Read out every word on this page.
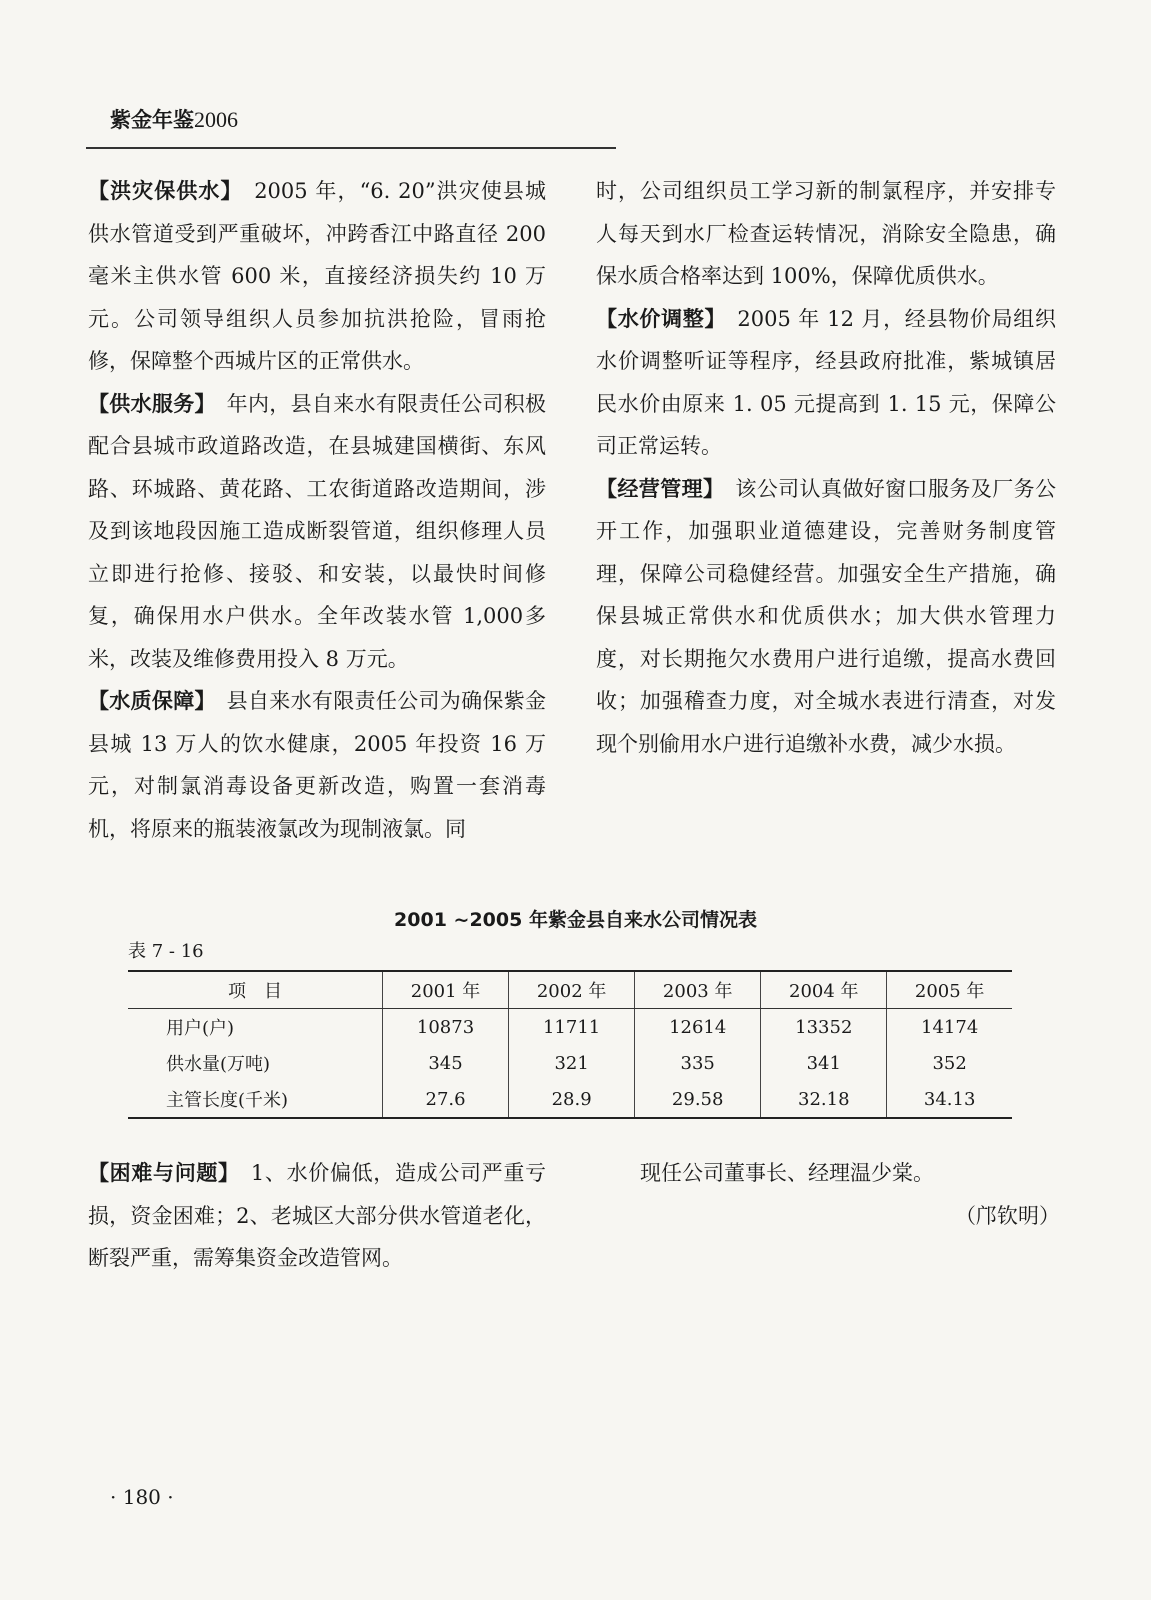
紫金年鉴2006

【洪灾保供水】　2005 年，“6. 20”洪灾使县城供水管道受到严重破坏，冲跨香江中路直径 200 毫米主供水管 600 米，直接经济损失约 10 万元。公司领导组织人员参加抗洪抢险，冒雨抢修，保障整个西城片区的正常供水。

【供水服务】　年内，县自来水有限责任公司积极配合县城市政道路改造，在县城建国横街、东风路、环城路、黄花路、工农街道路改造期间，涉及到该地段因施工造成断裂管道，组织修理人员立即进行抢修、接驳、和安装，以最快时间修复，确保用水户供水。全年改装水管 1,000多米，改装及维修费用投入 8 万元。

【水质保障】　县自来水有限责任公司为确保紫金县城 13 万人的饮水健康，2005 年投资 16 万元，对制氯消毒设备更新改造，购置一套消毒机，将原来的瓶装液氯改为现制液氯。同

时，公司组织员工学习新的制氯程序，并安排专人每天到水厂检查运转情况，消除安全隐患，确保水质合格率达到 100%，保障优质供水。

【水价调整】　2005 年 12 月，经县物价局组织水价调整听证等程序，经县政府批准，紫城镇居民水价由原来 1. 05 元提高到 1. 15 元，保障公司正常运转。

【经营管理】　该公司认真做好窗口服务及厂务公开工作，加强职业道德建设，完善财务制度管理，保障公司稳健经营。加强安全生产措施，确保县城正常供水和优质供水；加大供水管理力度，对长期拖欠水费用户进行追缴，提高水费回收；加强稽查力度，对全城水表进行清查，对发现个别偷用水户进行追缴补水费，减少水损。

2001 ~2005 年紫金县自来水公司情况表
表 7 - 16
项　目	2001 年	2002 年	2003 年	2004 年	2005 年
用户(户)	10873	11711	12614	13352	14174
供水量(万吨)	345	321	335	341	352
主管长度(千米)	27.6	28.9	29.58	32.18	34.13

【困难与问题】　1、水价偏低，造成公司严重亏损，资金困难；2、老城区大部分供水管道老化，断裂严重，需筹集资金改造管网。

现任公司董事长、经理温少棠。

（邝钦明）

· 180 ·
